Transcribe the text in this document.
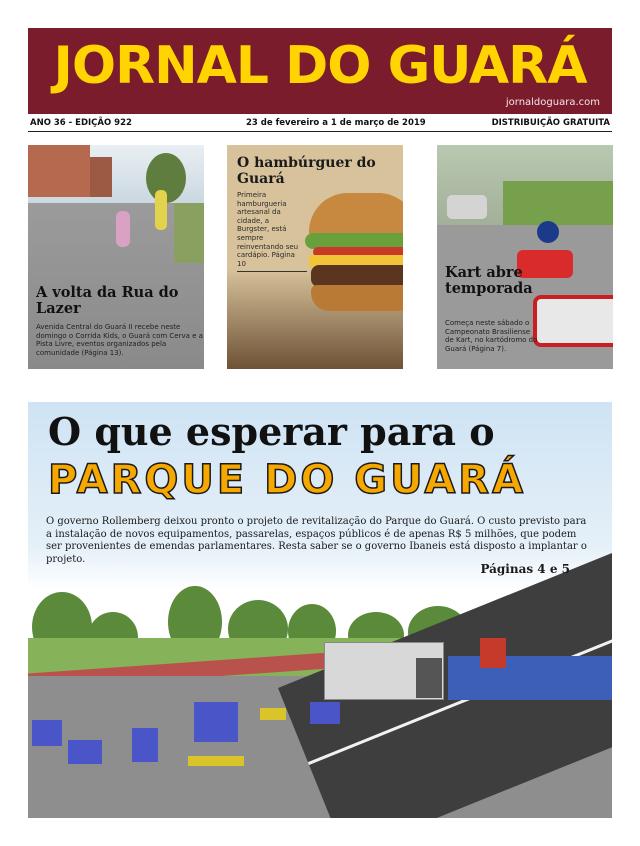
JORNAL DO GUARÁ
jornaldoguara.com
ANO 36 - EDIÇÃO 922	23 de fevereiro a 1 de março de 2019	DISTRIBUIÇÃO GRATUITA
A volta da Rua do Lazer
Avenida Central do Guará II recebe neste domingo o Corrida Kids, o Guará com Cerva e a Pista Livre, eventos organizados pela comunidade (Página 13).
O hambúrguer do Guará
Primeira hamburgueria artesanal da cidade, a Burgster, está sempre reinventando seu cardápio. Página 10
Kart abre temporada
Começa neste sábado o Campeonato Brasiliense de Kart, no kartódromo do Guará (Página 7).
O que esperar para o
PARQUE DO GUARÁ
O governo Rollemberg deixou pronto o projeto de revitalização do Parque do Guará. O custo previsto para a instalação de novos equipamentos, passarelas, espaços públicos é de apenas R$ 5 milhões, que podem ser provenientes de emendas parlamentares. Resta saber se o governo Ibaneis está disposto a implantar o projeto.
Páginas 4 e 5
